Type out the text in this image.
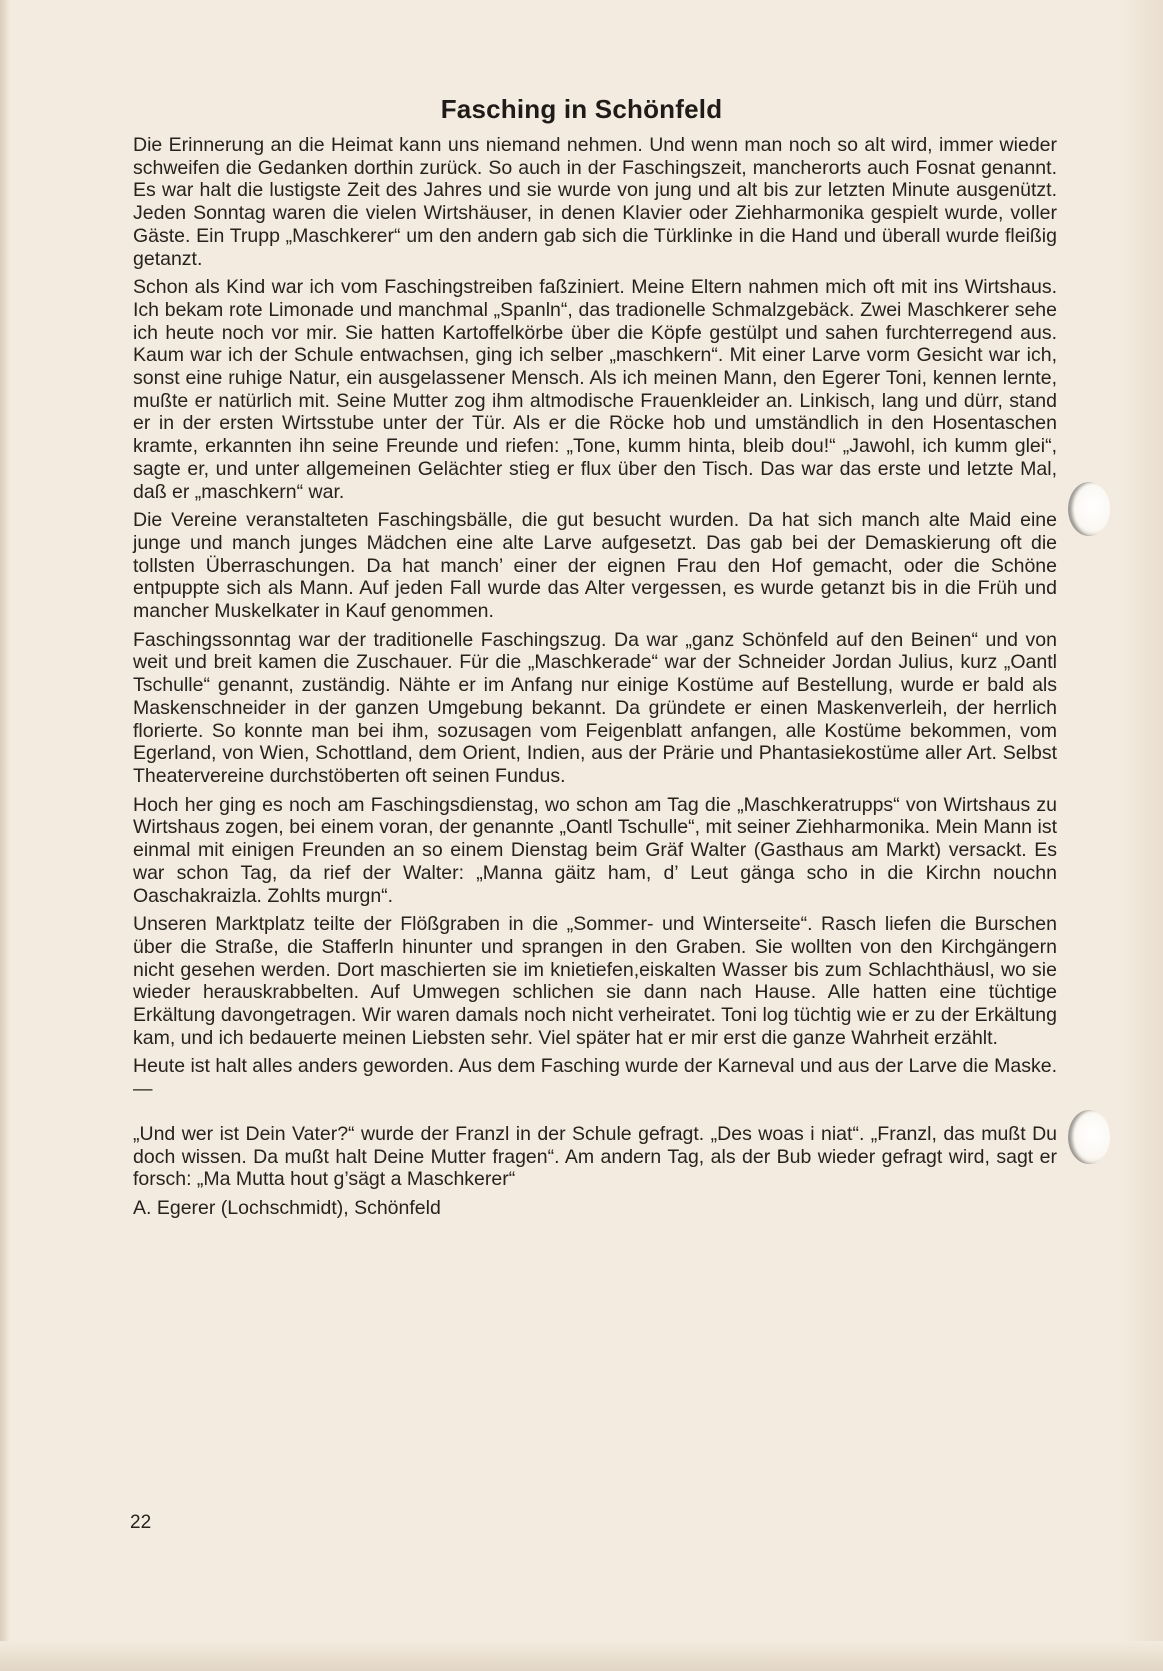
Fasching in Schönfeld

Die Erinnerung an die Heimat kann uns niemand nehmen. Und wenn man noch so alt wird, immer wieder schweifen die Gedanken dorthin zurück. So auch in der Faschingszeit, mancherorts auch Fosnat genannt. Es war halt die lustigste Zeit des Jahres und sie wurde von jung und alt bis zur letzten Minute ausgenützt. Jeden Sonntag waren die vielen Wirtshäuser, in denen Klavier oder Ziehharmonika gespielt wurde, voller Gäste. Ein Trupp „Maschkerer“ um den andern gab sich die Türklinke in die Hand und überall wurde fleißig getanzt.

Schon als Kind war ich vom Faschingstreiben faßziniert. Meine Eltern nahmen mich oft mit ins Wirtshaus. Ich bekam rote Limonade und manchmal „Spanln“, das tradionelle Schmalzgebäck. Zwei Maschkerer sehe ich heute noch vor mir. Sie hatten Kartoffelkörbe über die Köpfe gestülpt und sahen furchterregend aus. Kaum war ich der Schule entwachsen, ging ich selber „maschkern“. Mit einer Larve vorm Gesicht war ich, sonst eine ruhige Natur, ein ausgelassener Mensch. Als ich meinen Mann, den Egerer Toni, kennen lernte, mußte er natürlich mit. Seine Mutter zog ihm altmodische Frauenkleider an. Linkisch, lang und dürr, stand er in der ersten Wirtsstube unter der Tür. Als er die Röcke hob und umständlich in den Hosentaschen kramte, erkannten ihn seine Freunde und riefen: „Tone, kumm hinta, bleib dou!“ „Jawohl, ich kumm glei“, sagte er, und unter allgemeinen Gelächter stieg er flux über den Tisch. Das war das erste und letzte Mal, daß er „maschkern“ war.

Die Vereine veranstalteten Faschingsbälle, die gut besucht wurden. Da hat sich manch alte Maid eine junge und manch junges Mädchen eine alte Larve aufgesetzt. Das gab bei der Demaskierung oft die tollsten Überraschungen. Da hat manch’ einer der eignen Frau den Hof gemacht, oder die Schöne entpuppte sich als Mann. Auf jeden Fall wurde das Alter vergessen, es wurde getanzt bis in die Früh und mancher Muskelkater in Kauf genommen.

Faschingssonntag war der traditionelle Faschingszug. Da war „ganz Schönfeld auf den Beinen“ und von weit und breit kamen die Zuschauer. Für die „Maschkerade“ war der Schneider Jordan Julius, kurz „Oantl Tschulle“ genannt, zuständig. Nähte er im Anfang nur einige Kostüme auf Bestellung, wurde er bald als Maskenschneider in der ganzen Umgebung bekannt. Da gründete er einen Maskenverleih, der herrlich florierte. So konnte man bei ihm, sozusagen vom Feigenblatt anfangen, alle Kostüme bekommen, vom Egerland, von Wien, Schottland, dem Orient, Indien, aus der Prärie und Phantasiekostüme aller Art. Selbst Theatervereine durchstöberten oft seinen Fundus.

Hoch her ging es noch am Faschingsdienstag, wo schon am Tag die „Maschkeratrupps“ von Wirtshaus zu Wirtshaus zogen, bei einem voran, der genannte „Oantl Tschulle“, mit seiner Ziehharmonika. Mein Mann ist einmal mit einigen Freunden an so einem Dienstag beim Gräf Walter (Gasthaus am Markt) versackt. Es war schon Tag, da rief der Walter: „Manna gäitz ham, d’ Leut gänga scho in die Kirchn nouchn Oaschakraizla. Zohlts murgn“.

Unseren Marktplatz teilte der Flößgraben in die „Sommer- und Winterseite“. Rasch liefen die Burschen über die Straße, die Stafferln hinunter und sprangen in den Graben. Sie wollten von den Kirchgängern nicht gesehen werden. Dort maschierten sie im knietiefen,eiskalten Wasser bis zum Schlachthäusl, wo sie wieder herauskrabbelten. Auf Umwegen schlichen sie dann nach Hause. Alle hatten eine tüchtige Erkältung davongetragen. Wir waren damals noch nicht verheiratet. Toni log tüchtig wie er zu der Erkältung kam, und ich bedauerte meinen Liebsten sehr. Viel später hat er mir erst die ganze Wahrheit erzählt.

Heute ist halt alles anders geworden. Aus dem Fasching wurde der Karneval und aus der Larve die Maske. —

„Und wer ist Dein Vater?“ wurde der Franzl in der Schule gefragt. „Des woas i niat“. „Franzl, das mußt Du doch wissen. Da mußt halt Deine Mutter fragen“. Am andern Tag, als der Bub wieder gefragt wird, sagt er forsch: „Ma Mutta hout g’sägt a Maschkerer“

A. Egerer (Lochschmidt), Schönfeld

22
